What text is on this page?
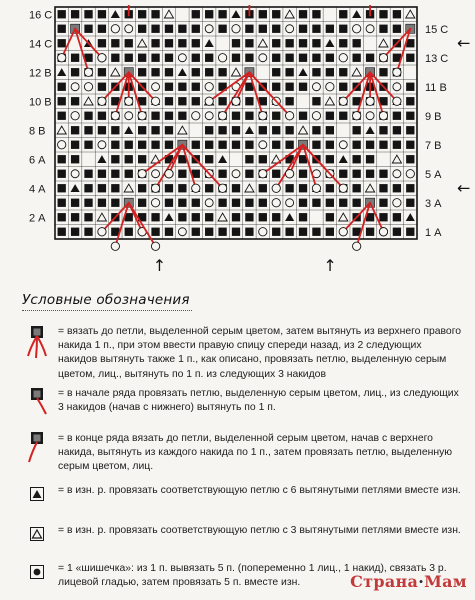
16 С
15 С
14 С
13 С
12 В
11 В
10 В
9 В
8 В
7 В
6 А
5 А
4 А
3 А
2 А
1 А
←
←
↑	↑
Условные обозначения
= вязать до петли, выделенной серым цветом, затем вытянуть из верхнего правого накида 1 п., при этом ввести правую спицу спереди назад, из 2 следующих накидов вытянуть также 1 п., как описано, провязать петлю, выделенную серым цветом, лиц., вытянуть по 1 п. из следующих 3 накидов
= в начале ряда провязать петлю, выделенную серым цветом, лиц., из следующих 3 накидов (начав с нижнего) вытянуть по 1 п.
= в конце ряда вязать до петли, выделенной серым цветом, начав с верхнего накида, вытянуть из каждого накида по 1 п., затем провязать петлю, выделенную серым цветом, лиц.
= в изн. р. провязать соответствующую петлю с 6 вытянутыми петлями вместе изн.
= в изн. р. провязать соответствующую петлю с 3 вытянутыми петлями вместе изн.
= 1 «шишечка»: из 1 п. вывязать 5 п. (попеременно 1 лиц., 1 накид), связать 3 р. лицевой гладью, затем провязать 5 п. вместе изн.	Страна·Мам
